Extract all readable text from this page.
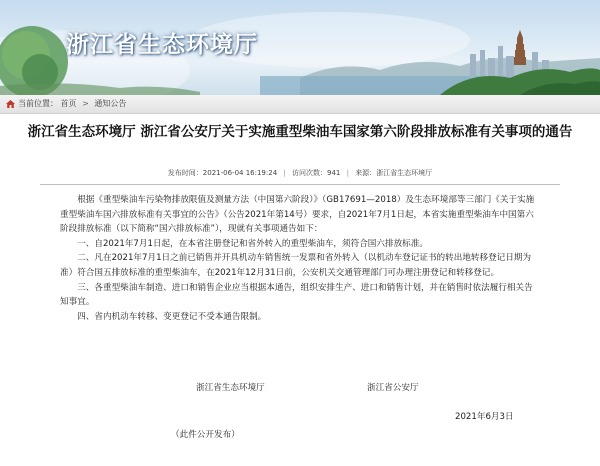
浙江省生态环境厅
当前位置： 首页 > 通知公告
浙江省生态环境厅 浙江省公安厅关于实施重型柴油车国家第六阶段排放标准有关事项的通告
发布时间：2021-06-04 16:19:24 | 访问次数：941 | 来源：浙江省生态环境厅

根据《重型柴油车污染物排放限值及测量方法（中国第六阶段）》（GB17691—2018）及生态环境部等三部门《关于实施重型柴油车国六排放标准有关事宜的公告》（公告2021年第14号）要求，自2021年7月1日起，本省实施重型柴油车中国第六阶段排放标准（以下简称“国六排放标准”），现就有关事项通告如下：

一、自2021年7月1日起，在本省注册登记和省外转入的重型柴油车，须符合国六排放标准。

二、凡在2021年7月1日之前已销售并开具机动车销售统一发票和省外转入（以机动车登记证书的转出地转移登记日期为准）符合国五排放标准的重型柴油车，在2021年12月31日前，公安机关交通管理部门可办理注册登记和转移登记。

三、各重型柴油车制造、进口和销售企业应当根据本通告，组织安排生产、进口和销售计划，并在销售时依法履行相关告知事宜。

四、省内机动车转移、变更登记不受本通告限制。

浙江省生态环境厅	浙江省公安厅
2021年6月3日
（此件公开发布）
